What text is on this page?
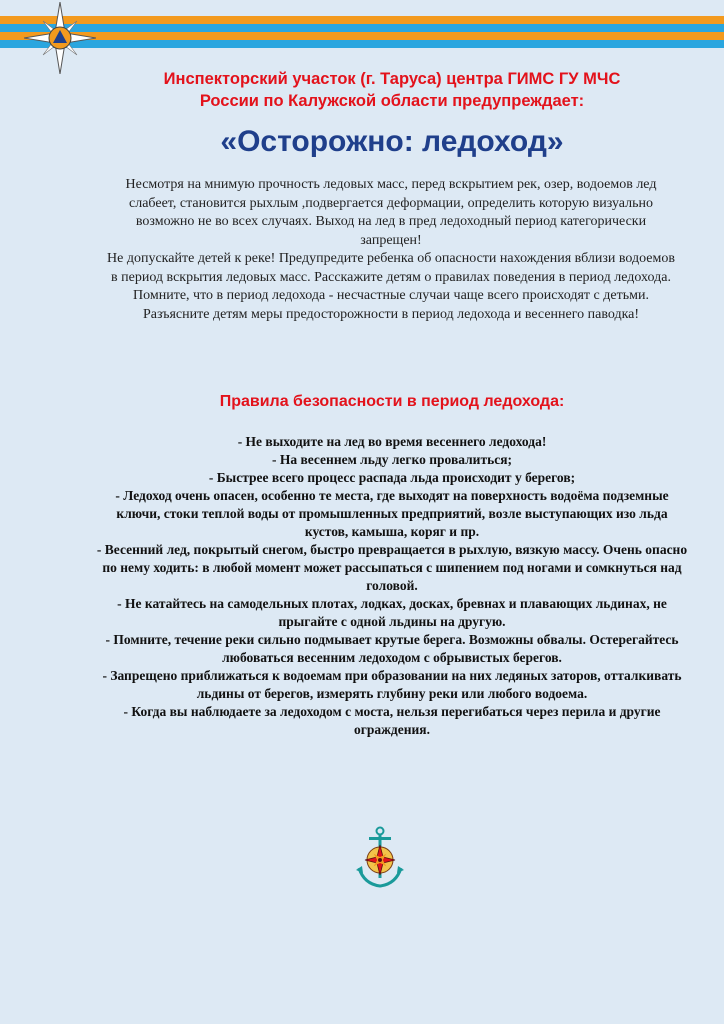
Инспекторский участок (г. Таруса) центра ГИМС ГУ МЧС
России по Калужской области предупреждает:
«Осторожно: ледоход»

Несмотря на мнимую прочность ледовых масс, перед вскрытием рек, озер, водоемов лед слабеет, становится рыхлым ,подвергается деформации, определить которую визуально возможно не во всех случаях. Выход на лед в пред ледоходный период категорически запрещен!

Не допускайте детей к реке! Предупредите ребенка об опасности нахождения вблизи водоемов в период вскрытия ледовых масс. Расскажите детям о правилах поведения в период ледохода. Помните, что в период ледохода - несчастные случаи чаще всего происходят с детьми. Разъясните детям меры предосторожности в период ледохода и весеннего паводка!

Правила безопасности в период ледохода:

- Не выходите на лед во время весеннего ледохода!

- На весеннем льду легко провалиться;

- Быстрее всего процесс распада льда происходит у берегов;

- Ледоход очень опасен, особенно те места, где выходят на поверхность водоёма подземные ключи, стоки теплой воды от промышленных предприятий, возле выступающих изо льда кустов, камыша, коряг и пр.

- Весенний лед, покрытый снегом, быстро превращается в рыхлую, вязкую массу. Очень опасно по нему ходить: в любой момент может рассыпаться с шипением под ногами и сомкнуться над головой.

- Не катайтесь на самодельных плотах, лодках, досках, бревнах и плавающих льдинах, не прыгайте с одной льдины на другую.

- Помните, течение реки сильно подмывает крутые берега. Возможны обвалы. Остерегайтесь любоваться весенним ледоходом с обрывистых берегов.

- Запрещено приближаться к водоемам при образовании на них ледяных заторов, отталкивать льдины от берегов, измерять глубину реки или любого водоема.

- Когда вы наблюдаете за ледоходом с моста, нельзя перегибаться через перила и другие ограждения.
